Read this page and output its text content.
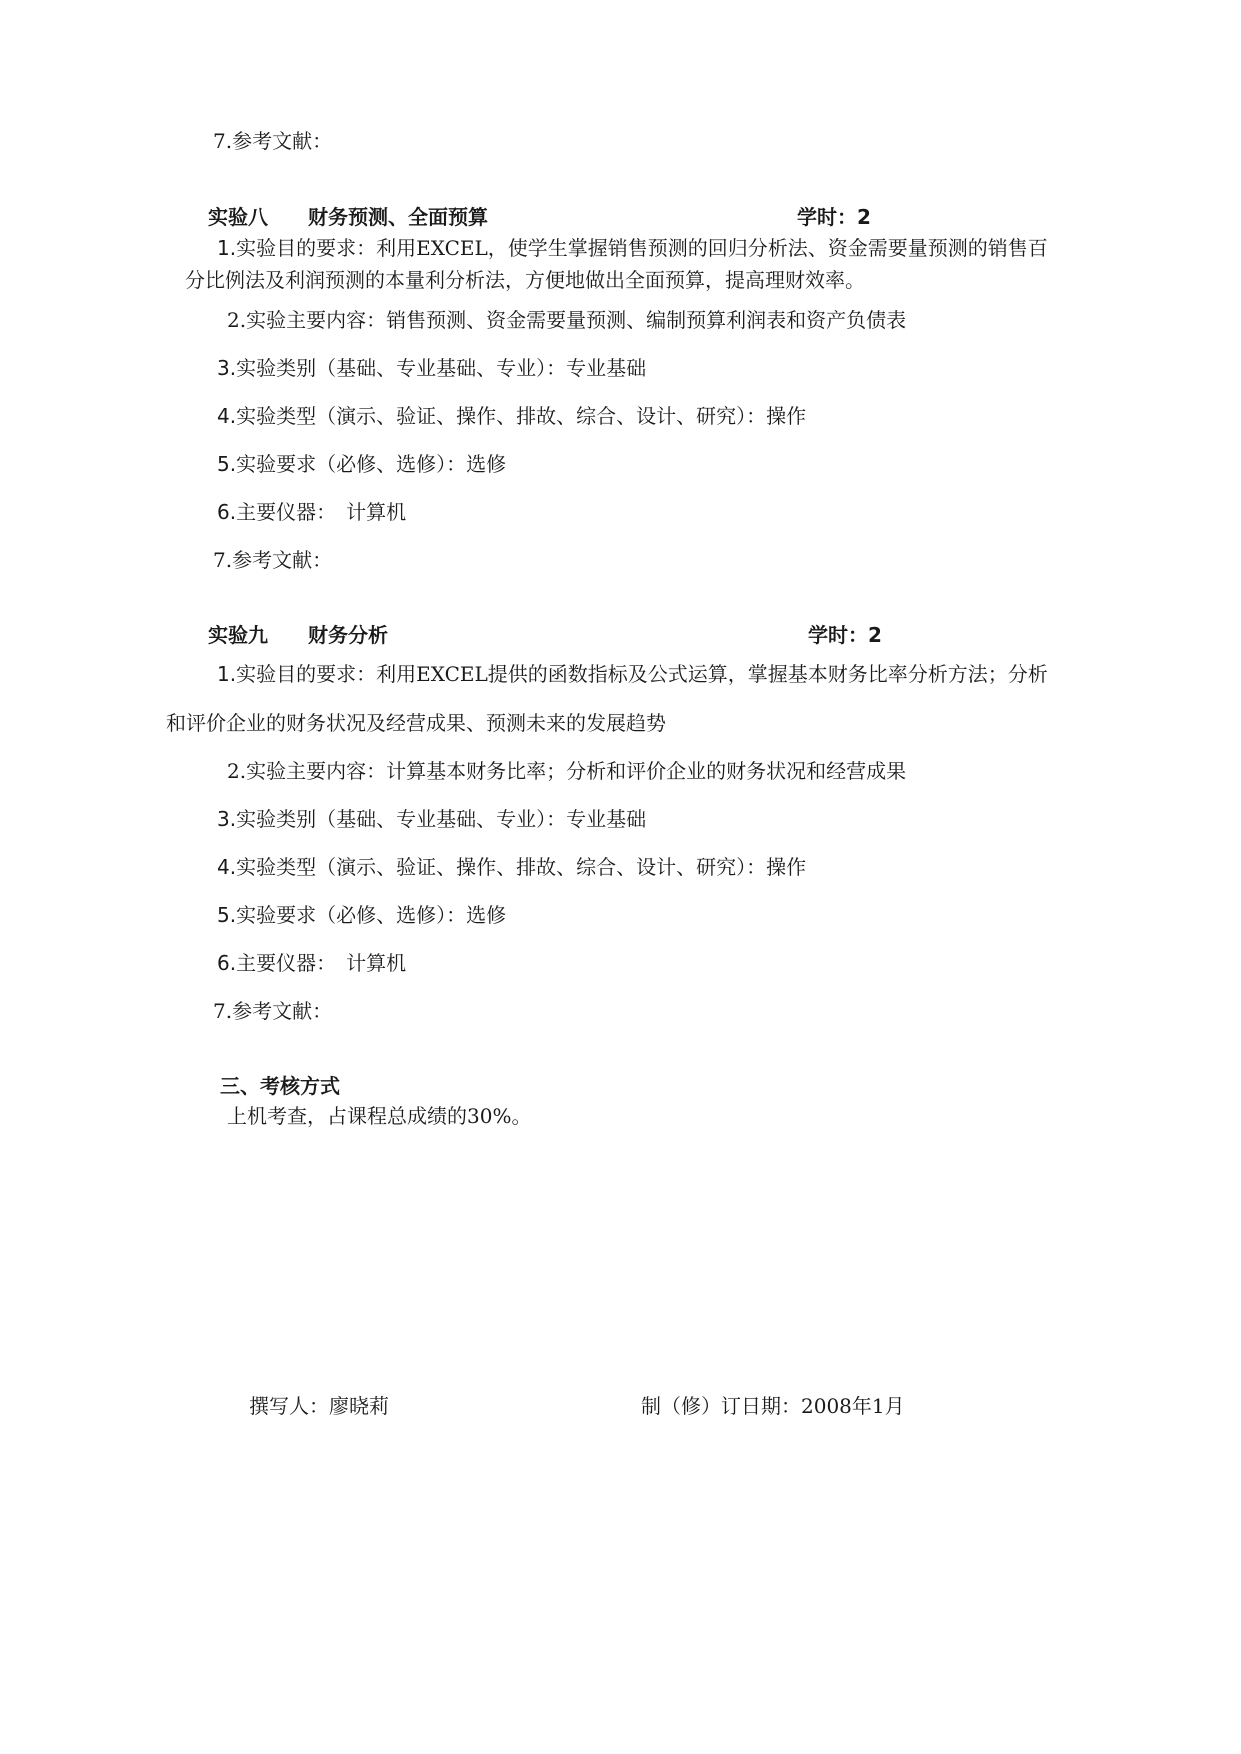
7.参考文献：
实验八　　财务预测、全面预算	学时：2
1.实验目的要求：利用EXCEL，使学生掌握销售预测的回归分析法、资金需要量预测的销售百
分比例法及利润预测的本量利分析法，方便地做出全面预算，提高理财效率。
2.实验主要内容：销售预测、资金需要量预测、编制预算利润表和资产负债表
3.实验类别（基础、专业基础、专业）：专业基础
4.实验类型（演示、验证、操作、排故、综合、设计、研究）：操作
5.实验要求（必修、选修）：选修
6.主要仪器：　计算机
7.参考文献：
实验九　　财务分析	学时：2
1.实验目的要求：利用EXCEL提供的函数指标及公式运算，掌握基本财务比率分析方法；分析
和评价企业的财务状况及经营成果、预测未来的发展趋势
2.实验主要内容：计算基本财务比率；分析和评价企业的财务状况和经营成果
3.实验类别（基础、专业基础、专业）：专业基础
4.实验类型（演示、验证、操作、排故、综合、设计、研究）：操作
5.实验要求（必修、选修）：选修
6.主要仪器：　计算机
7.参考文献：
三、考核方式
上机考查，占课程总成绩的30%。
撰写人：廖晓莉	制（修）订日期：2008年1月
